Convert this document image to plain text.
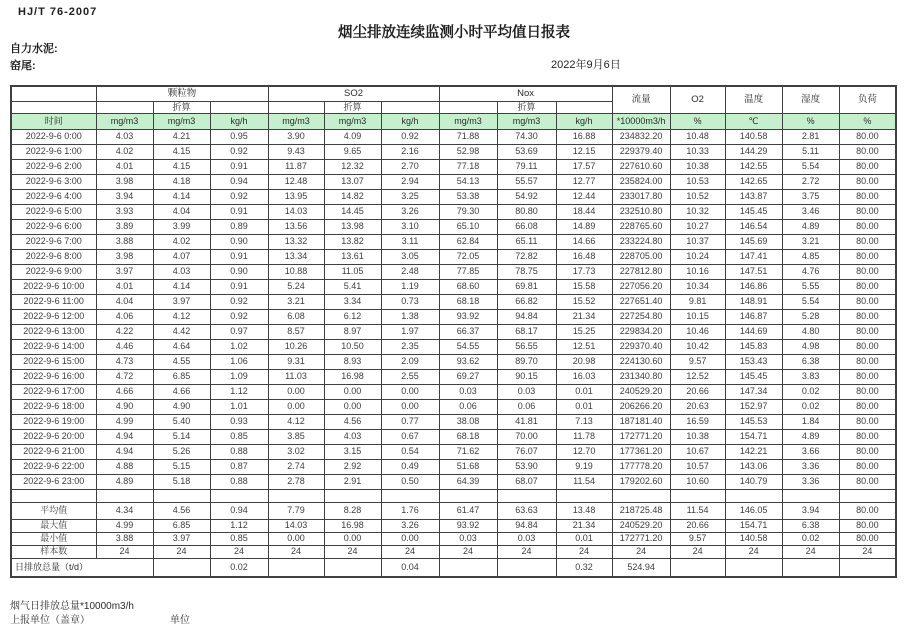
HJ/T 76-2007
烟尘排放连续监测小时平均值日报表
自力水泥:
窑尾:	2022年9月6日
	颗粒物			SO2			Nox			流量	O2	温度	湿度	负荷
		折算			折算			折算						
时间	mg/m3	mg/m3	kg/h	mg/m3	mg/m3	kg/h	mg/m3	mg/m3	kg/h	*10000m3/h	%	℃	%	%
2022-9-6 0:00	4.03	4.21	0.95	3.90	4.09	0.92	71.88	74.30	16.88	234832.20	10.48	140.58	2.81	80.00
2022-9-6 1:00	4.02	4.15	0.92	9.43	9.65	2.16	52.98	53.69	12.15	229379.40	10.33	144.29	5.11	80.00
2022-9-6 2:00	4.01	4.15	0.91	11.87	12.32	2.70	77.18	79.11	17.57	227610.60	10.38	142.55	5.54	80.00
2022-9-6 3:00	3.98	4.18	0.94	12.48	13.07	2.94	54.13	55.57	12.77	235824.00	10.53	142.65	2.72	80.00
2022-9-6 4:00	3.94	4.14	0.92	13.95	14.82	3.25	53.38	54.92	12.44	233017.80	10.52	143.87	3.75	80.00
2022-9-6 5:00	3.93	4.04	0.91	14.03	14.45	3.26	79.30	80.80	18.44	232510.80	10.32	145.45	3.46	80.00
2022-9-6 6:00	3.89	3.99	0.89	13.56	13.98	3.10	65.10	66.08	14.89	228765.60	10.27	146.54	4.89	80.00
2022-9-6 7:00	3.88	4.02	0.90	13.32	13.82	3.11	62.84	65.11	14.66	233224.80	10.37	145.69	3.21	80.00
2022-9-6 8:00	3.98	4.07	0.91	13.34	13.61	3.05	72.05	72.82	16.48	228705.00	10.24	147.41	4.85	80.00
2022-9-6 9:00	3.97	4.03	0.90	10.88	11.05	2.48	77.85	78.75	17.73	227812.80	10.16	147.51	4.76	80.00
2022-9-6 10:00	4.01	4.14	0.91	5.24	5.41	1.19	68.60	69.81	15.58	227056.20	10.34	146.86	5.55	80.00
2022-9-6 11:00	4.04	3.97	0.92	3.21	3.34	0.73	68.18	66.82	15.52	227651.40	9.81	148.91	5.54	80.00
2022-9-6 12:00	4.06	4.12	0.92	6.08	6.12	1.38	93.92	94.84	21.34	227254.80	10.15	146.87	5.28	80.00
2022-9-6 13:00	4.22	4.42	0.97	8.57	8.97	1.97	66.37	68.17	15.25	229834.20	10.46	144.69	4.80	80.00
2022-9-6 14:00	4.46	4.64	1.02	10.26	10.50	2.35	54.55	56.55	12.51	229370.40	10.42	145.83	4.98	80.00
2022-9-6 15:00	4.73	4.55	1.06	9.31	8.93	2.09	93.62	89.70	20.98	224130.60	9.57	153.43	6.38	80.00
2022-9-6 16:00	4.72	6.85	1.09	11.03	16.98	2.55	69.27	90.15	16.03	231340.80	12.52	145.45	3.83	80.00
2022-9-6 17:00	4.66	4.66	1.12	0.00	0.00	0.00	0.03	0.03	0.01	240529.20	20.66	147.34	0.02	80.00
2022-9-6 18:00	4.90	4.90	1.01	0.00	0.00	0.00	0.06	0.06	0.01	206266.20	20.63	152.97	0.02	80.00
2022-9-6 19:00	4.99	5.40	0.93	4.12	4.56	0.77	38.08	41.81	7.13	187181.40	16.59	145.53	1.84	80.00
2022-9-6 20:00	4.94	5.14	0.85	3.85	4.03	0.67	68.18	70.00	11.78	172771.20	10.38	154.71	4.89	80.00
2022-9-6 21:00	4.94	5.26	0.88	3.02	3.15	0.54	71.62	76.07	12.70	177361.20	10.67	142.21	3.66	80.00
2022-9-6 22:00	4.88	5.15	0.87	2.74	2.92	0.49	51.68	53.90	9.19	177778.20	10.57	143.06	3.36	80.00
2022-9-6 23:00	4.89	5.18	0.88	2.78	2.91	0.50	64.39	68.07	11.54	179202.60	10.60	140.79	3.36	80.00

平均值	4.34	4.56	0.94	7.79	8.28	1.76	61.47	63.63	13.48	218725.48	11.54	146.05	3.94	80.00
最大值	4.99	6.85	1.12	14.03	16.98	3.26	93.92	94.84	21.34	240529.20	20.66	154.71	6.38	80.00
最小值	3.88	3.97	0.85	0.00	0.00	0.00	0.03	0.03	0.01	172771.20	9.57	140.58	0.02	80.00
样本数	24	24	24	24	24	24	24	24	24	24	24	24	24	24
日排放总量（t/d）			0.02			0.04			0.32	524.94				
烟气日排放总量*10000m3/h
上报单位（盖章）	单位
